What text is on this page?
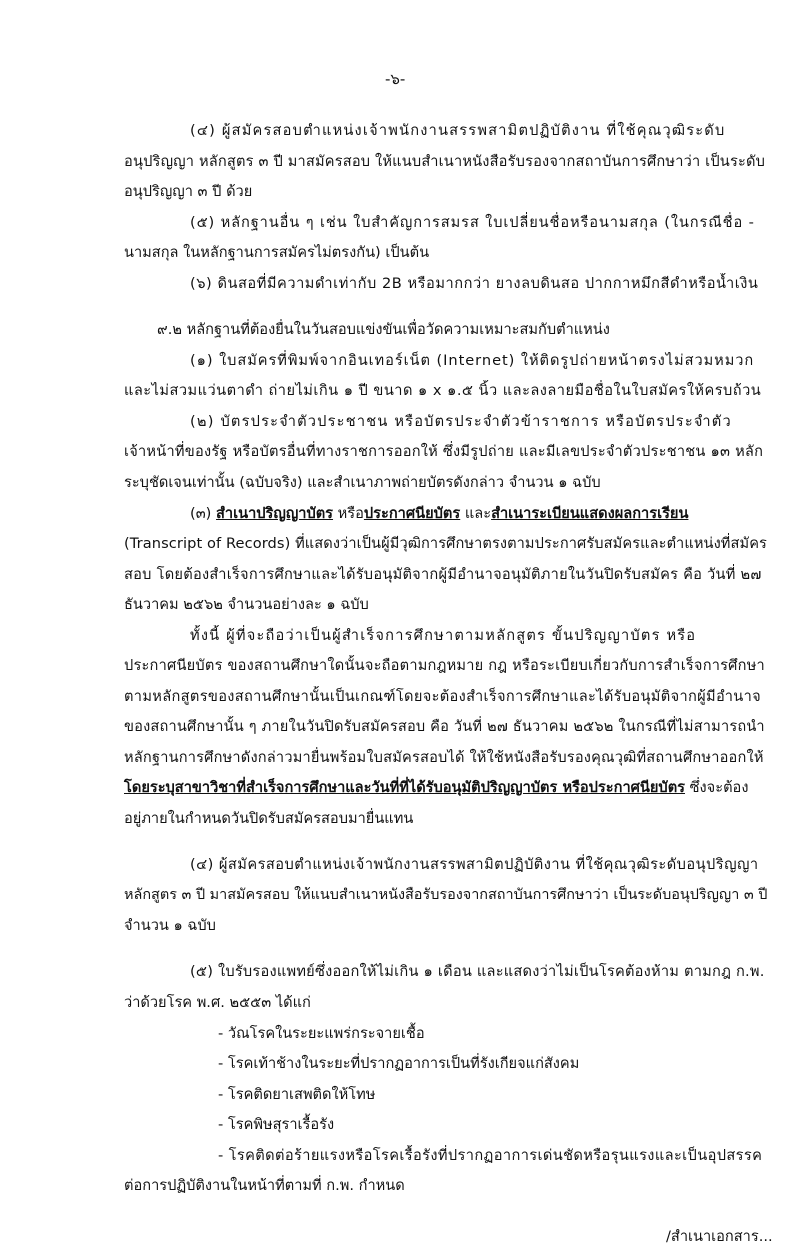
-๖-
(๔) ผู้สมัครสอบตำแหน่งเจ้าพนักงานสรรพสามิตปฏิบัติงาน ที่ใช้คุณวุฒิระดับ
อนุปริญญา หลักสูตร ๓ ปี มาสมัครสอบ ให้แนบสำเนาหนังสือรับรองจากสถาบันการศึกษาว่า เป็นระดับ
อนุปริญญา ๓ ปี ด้วย
(๕) หลักฐานอื่น ๆ เช่น ใบสำคัญการสมรส ใบเปลี่ยนชื่อหรือนามสกุล (ในกรณีชื่อ -
นามสกุล ในหลักฐานการสมัครไม่ตรงกัน) เป็นต้น
(๖) ดินสอที่มีความดำเท่ากับ 2B หรือมากกว่า ยางลบดินสอ ปากกาหมึกสีดำหรือน้ำเงิน
๙.๒ หลักฐานที่ต้องยื่นในวันสอบแข่งขันเพื่อวัดความเหมาะสมกับตำแหน่ง
(๑) ใบสมัครที่พิมพ์จากอินเทอร์เน็ต (Internet) ให้ติดรูปถ่ายหน้าตรงไม่สวมหมวก
และไม่สวมแว่นตาดำ ถ่ายไม่เกิน ๑ ปี ขนาด ๑ x ๑.๕ นิ้ว และลงลายมือชื่อในใบสมัครให้ครบถ้วน
(๒) บัตรประจำตัวประชาชน หรือบัตรประจำตัวข้าราชการ หรือบัตรประจำตัว
เจ้าหน้าที่ของรัฐ หรือบัตรอื่นที่ทางราชการออกให้ ซึ่งมีรูปถ่าย และมีเลขประจำตัวประชาชน ๑๓ หลัก
ระบุชัดเจนเท่านั้น (ฉบับจริง) และสำเนาภาพถ่ายบัตรดังกล่าว จำนวน ๑ ฉบับ
(๓) สำเนาปริญญาบัตร หรือประกาศนียบัตร และสำเนาระเบียนแสดงผลการเรียน
(Transcript of Records) ที่แสดงว่าเป็นผู้มีวุฒิการศึกษาตรงตามประกาศรับสมัครและตำแหน่งที่สมัคร
สอบ โดยต้องสำเร็จการศึกษาและได้รับอนุมัติจากผู้มีอำนาจอนุมัติภายในวันปิดรับสมัคร คือ วันที่ ๒๗
ธันวาคม ๒๕๖๒ จำนวนอย่างละ ๑ ฉบับ
ทั้งนี้ ผู้ที่จะถือว่าเป็นผู้สำเร็จการศึกษาตามหลักสูตร ขั้นปริญญาบัตร หรือ
ประกาศนียบัตร ของสถานศึกษาใดนั้นจะถือตามกฎหมาย กฎ หรือระเบียบเกี่ยวกับการสำเร็จการศึกษา
ตามหลักสูตรของสถานศึกษานั้นเป็นเกณฑ์โดยจะต้องสำเร็จการศึกษาและได้รับอนุมัติจากผู้มีอำนาจ
ของสถานศึกษานั้น ๆ ภายในวันปิดรับสมัครสอบ คือ วันที่ ๒๗ ธันวาคม ๒๕๖๒ ในกรณีที่ไม่สามารถนำ
หลักฐานการศึกษาดังกล่าวมายื่นพร้อมใบสมัครสอบได้ ให้ใช้หนังสือรับรองคุณวุฒิที่สถานศึกษาออกให้
โดยระบุสาขาวิชาที่สำเร็จการศึกษาและวันที่ที่ได้รับอนุมัติปริญญาบัตร หรือประกาศนียบัตร ซึ่งจะต้อง
อยู่ภายในกำหนดวันปิดรับสมัครสอบมายื่นแทน
(๔) ผู้สมัครสอบตำแหน่งเจ้าพนักงานสรรพสามิตปฏิบัติงาน ที่ใช้คุณวุฒิระดับอนุปริญญา
หลักสูตร ๓ ปี มาสมัครสอบ ให้แนบสำเนาหนังสือรับรองจากสถาบันการศึกษาว่า เป็นระดับอนุปริญญา ๓ ปี
จำนวน ๑ ฉบับ
(๕) ใบรับรองแพทย์ซึ่งออกให้ไม่เกิน ๑ เดือน และแสดงว่าไม่เป็นโรคต้องห้าม ตามกฎ ก.พ.
ว่าด้วยโรค พ.ศ. ๒๕๕๓ ได้แก่
- วัณโรคในระยะแพร่กระจายเชื้อ
- โรคเท้าช้างในระยะที่ปรากฏอาการเป็นที่รังเกียจแก่สังคม
- โรคติดยาเสพติดให้โทษ
- โรคพิษสุราเรื้อรัง
- โรคติดต่อร้ายแรงหรือโรคเรื้อรังที่ปรากฏอาการเด่นชัดหรือรุนแรงและเป็นอุปสรรค
ต่อการปฏิบัติงานในหน้าที่ตามที่ ก.พ. กำหนด
/สำเนาเอกสาร...
